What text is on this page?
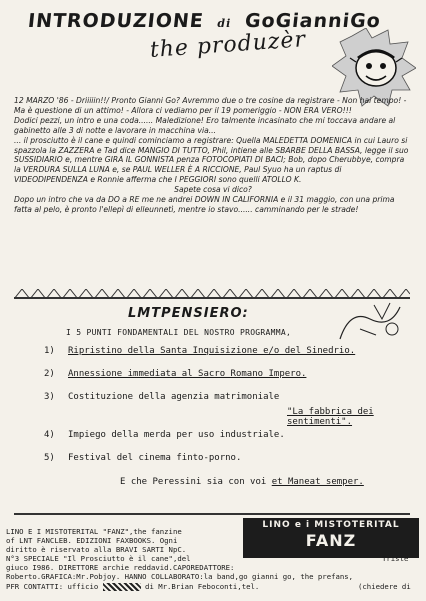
INTRODUZIONE di GoGianniGo
the produzèr

12 MARZO '86 - Driiiiin!!/ Pronto Gianni Go? Avremmo due o tre cosine da registrare - Non hai tempo! - Ma è questione di un attimo! - Allora ci vediamo per il 19 pomeriggio - NON ERA VERO!!!

Dodici pezzi, un intro e una coda...... Maledizione! Ero talmente incasinato che mi toccava andare al gabinetto alle 3 di notte e lavorare in macchina via...

... il prosciutto è il cane e quindi cominciamo a registrare: Quella MALEDETTA DOMENICA in cui Lauro si spazzola la ZAZZERA e Tad dice MANGIO DI TUTTO, Phil, intiene alle SBARBE DELLA BASSA, legge il suo SUSSIDIARIO e, mentre GIRA IL GONNISTA penza FOTOCOPIATI DI BACI; Bob, dopo Cherubbye, compra la VERDURA SULLA LUNA e, se PAUL WELLER È A RICCIONE, Paul Syuo ha un raptus di VIDEODIPENDENZA e Ronnie afferma che I PEGGIORI sono quelli ATOLLO K.

Sapete cosa vi dico?

Dopo un intro che va da DO a RE me ne andrei DOWN IN CALIFORNIA e il 31 maggio, con una prima fatta al pelo, è pronto l'ellepì di elleunnetì, mentre io stavo...... camminando per le strade!

LMTPENSIERO:
I 5 PUNTI FONDAMENTALI DEL NOSTRO PROGRAMMA,
1) Ripristino della Santa Inquisizione e/o del Sinedrio.
2) Annessione immediata al Sacro Romano Impero.
3) Costituzione della agenzia matrimoniale
"La fabbrica dei sentimenti".
4) Impiego della merda per uso industriale.
5) Festival del cinema finto-porno.
E che Peressini sia con voi et Maneat semper.
LINO e i MISTOTERITAL
FANZ

LINO E I MISTOTERITAL "FANZ",the fanzine

of LNT FANCLEB. EDIZIONI FAXBOOKS. Ogni

diritto è riservato alla BRAVI SARTI NpC.

N°3 SPECIALE "Il Prosciutto è il cane",del	Triste

giuco I986. DIRETTORE archie reddavid.CAPOREDATTORE:

Roberto.GRAFICA:Mr.Pobjoy. HANNO COLLABORATO:la band,go gianni go, the prefans,

PFR CONTATTI: ufficio	di Mr.Brian Feboconti,tel.	(chiedere di
